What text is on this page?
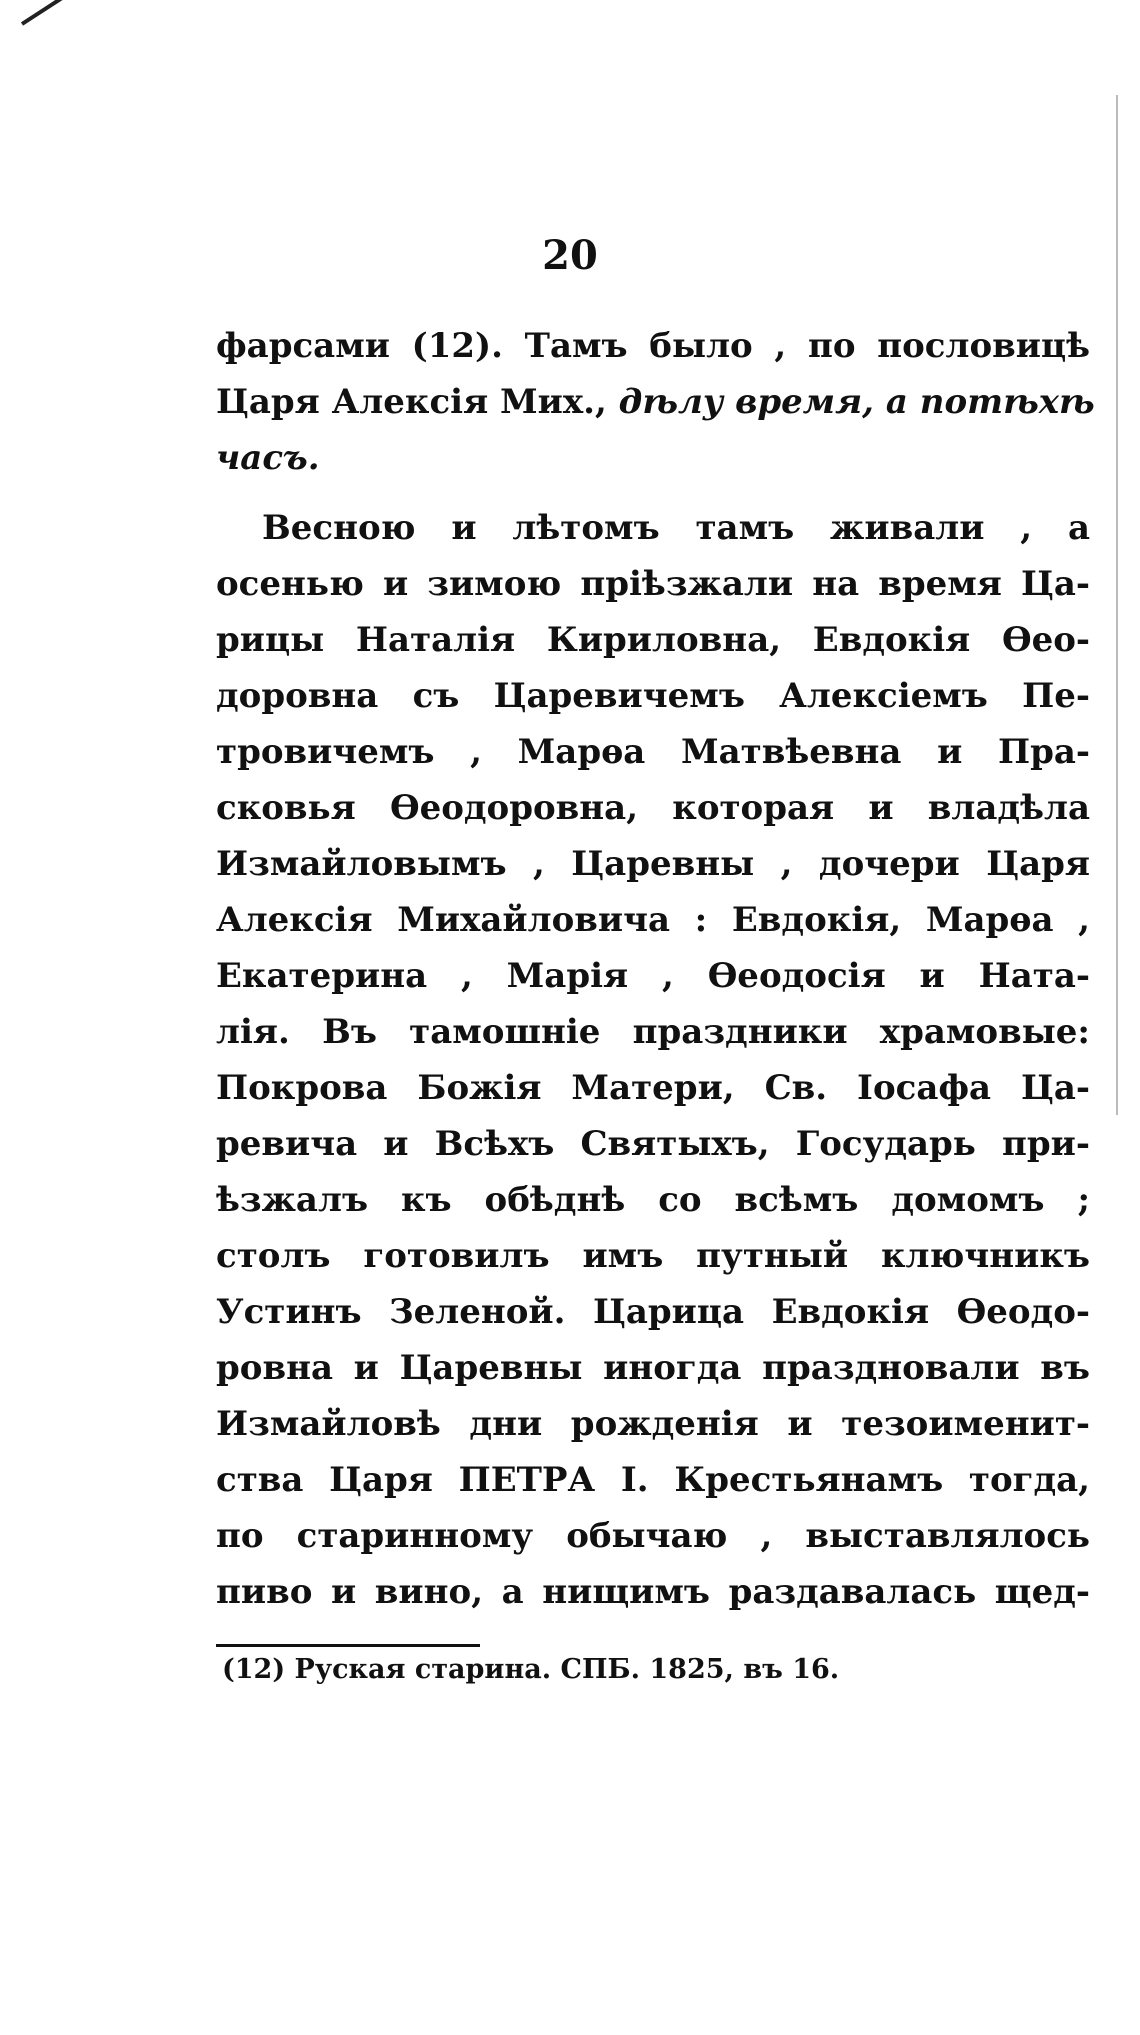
20
фарсами (12). Тамъ было , по пословицѣ
Царя Алексія Мих., дѣлу время, а потѣхѣ
часъ.
Весною и лѣтомъ тамъ живали , а
осенью и зимою пріѣзжали на время Ца-
рицы Наталія Кириловна, Евдокія Ѳео-
доровна съ Царевичемъ Алексіемъ Пе-
тровичемъ , Марѳа Матвѣевна и Пра-
сковья Ѳеодоровна, которая и владѣла
Измайловымъ , Царевны , дочери Царя
Алексія Михайловича : Евдокія, Марѳа ,
Екатерина , Марія , Ѳеодосія и Ната-
лія. Въ тамошніе праздники храмовые:
Покрова Божія Матери, Св. Іосафа Ца-
ревича и Всѣхъ Святыхъ, Государь при-
ѣзжалъ къ обѣднѣ со всѣмъ домомъ ;
столъ готовилъ имъ путный ключникъ
Устинъ Зеленой. Царица Евдокія Ѳеодо-
ровна и Царевны иногда праздновали въ
Измайловѣ дни рожденія и тезоименит-
ства Царя ПЕТРА I. Крестьянамъ тогда,
по старинному обычаю , выставлялось
пиво и вино, а нищимъ раздавалась щед-
(12) Руская старина. СПБ. 1825, въ 16.
